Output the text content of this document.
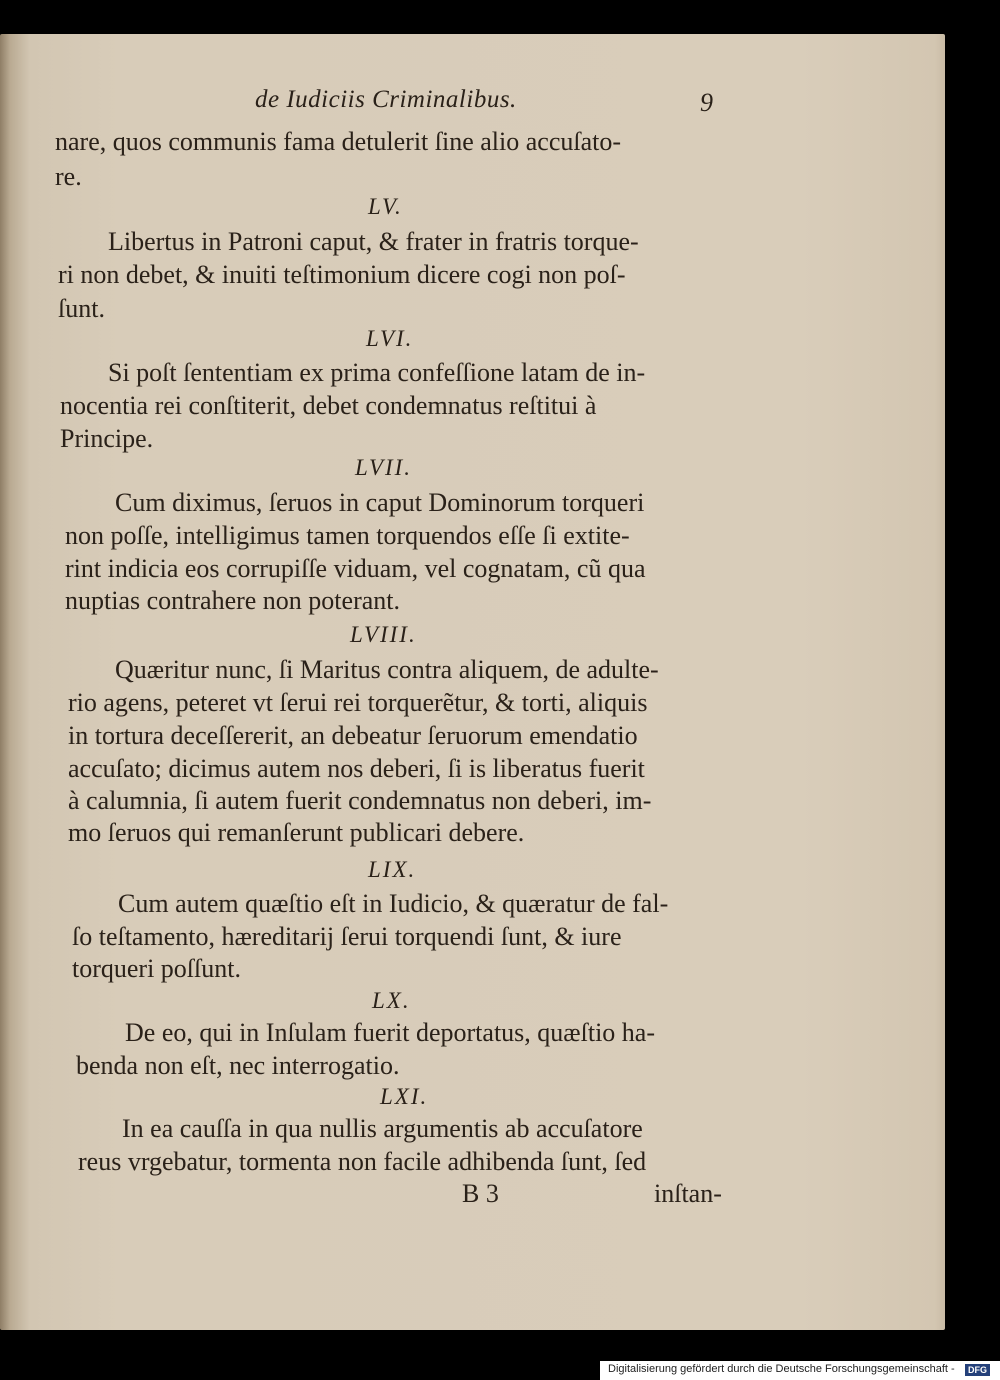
de Iudiciis Criminalibus.	9
nare, quos communis fama detulerit ſine alio accuſato-
re.
LV.
Libertus in Patroni caput, & frater in fratris torque-
ri non debet, & inuiti teſtimonium dicere cogi non poſ-
ſunt.
LVI.
Si poſt ſententiam ex prima confeſſione latam de in-
nocentia rei conſtiterit, debet condemnatus reſtitui à
Principe.
LVII.
Cum diximus, ſeruos in caput Dominorum torqueri
non poſſe, intelligimus tamen torquendos eſſe ſi extite-
rint indicia eos corrupiſſe viduam, vel cognatam, cũ qua
nuptias contrahere non poterant.
LVIII.
Quæritur nunc, ſi Maritus contra aliquem, de adulte-
rio agens, peteret vt ſerui rei torquerẽtur, & torti, aliquis
in tortura deceſſererit, an debeatur ſeruorum emendatio
accuſato; dicimus autem nos deberi, ſi is liberatus fuerit
à calumnia, ſi autem fuerit condemnatus non deberi, im-
mo ſeruos qui remanſerunt publicari debere.
LIX.
Cum autem quæſtio eſt in Iudicio, & quæratur de fal-
ſo teſtamento, hæreditarij ſerui torquendi ſunt, & iure
torqueri poſſunt.
LX.
De eo, qui in Inſulam fuerit deportatus, quæſtio ha-
benda non eſt, nec interrogatio.
LXI.
In ea cauſſa in qua nullis argumentis ab accuſatore
reus vrgebatur, tormenta non facile adhibenda ſunt, ſed
B 3	inſtan-
Digitalisierung gefördert durch die Deutsche Forschungsgemeinschaft -	DFG
